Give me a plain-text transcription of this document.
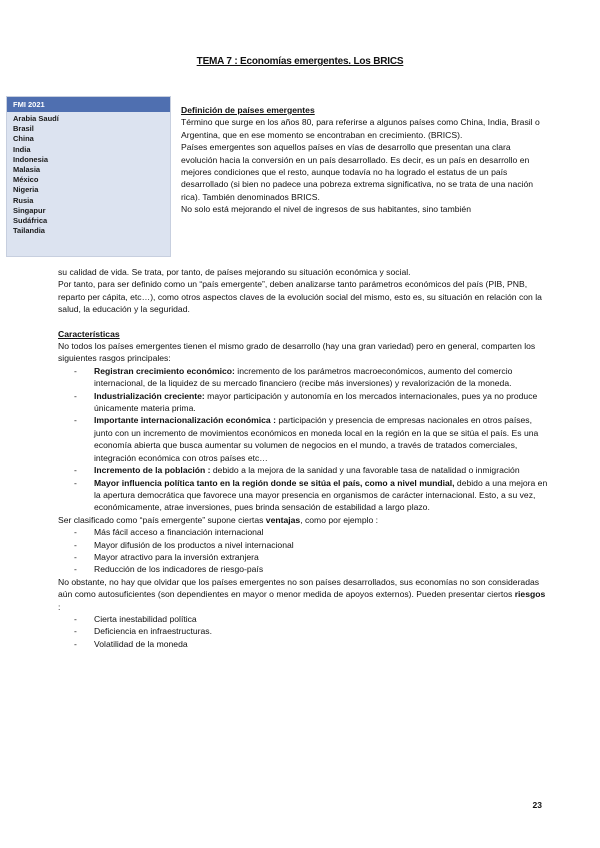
TEMA 7 : Economías emergentes. Los BRICS
FMI 2021
Arabia Saudí
Brasil
China
India
Indonesia
Malasia
México
Nigeria
Rusia
Singapur
Sudáfrica
Tailandia

Definición de países emergentes

Término que surge en los años 80, para referirse a algunos países como China, India, Brasil o Argentina, que en ese momento se encontraban en crecimiento. (BRICS).

Países emergentes son aquellos países en vías de desarrollo que presentan una clara evolución hacia la conversión en un país desarrollado. Es decir, es un país en desarrollo en mejores condiciones que el resto, aunque todavía no ha logrado el estatus de un país desarrollado (si bien no padece una pobreza extrema significativa, no se trata de una nación rica). También denominados BRICS.

No solo está mejorando el nivel de ingresos de sus habitantes, sino también

su calidad de vida. Se trata, por tanto, de países mejorando su situación económica y social.

Por tanto, para ser definido como un “país emergente”, deben analizarse tanto parámetros económicos del país (PIB, PNB, reparto per cápita, etc…), como otros aspectos claves de la evolución social del mismo, esto es, su situación en relación con la salud, la educación y la seguridad.

Características

No todos los países emergentes tienen el mismo grado de desarrollo (hay una gran variedad) pero en general, comparten los siguientes rasgos principales:

- Registran crecimiento económico: incremento de los parámetros macroeconómicos, aumento del comercio internacional, de la liquidez de su mercado financiero (recibe más inversiones) y revalorización de la moneda.
- Industrialización creciente: mayor participación y autonomía en los mercados internacionales, pues ya no produce únicamente materia prima.
- Importante internacionalización económica : participación y presencia de empresas nacionales en otros países, junto con un incremento de movimientos económicos en moneda local en la región en la que se sitúa el país. Es una economía abierta que busca aumentar su volumen de negocios en el mundo, a través de tratados comerciales, integración económica con otros países etc…
- Incremento de la población : debido a la mejora de la sanidad y una favorable tasa de natalidad o inmigración
- Mayor influencia política tanto en la región donde se sitúa el país, como a nivel mundial, debido a una mejora en la apertura democrática que favorece una mayor presencia en organismos de carácter internacional. Esto, a su vez, económicamente, atrae inversiones, pues brinda sensación de estabilidad a largo plazo.

Ser clasificado como “país emergente” supone ciertas ventajas, como por ejemplo :

- Más fácil acceso a financiación internacional
- Mayor difusión de los productos a nivel internacional
- Mayor atractivo para la inversión extranjera
- Reducción de los indicadores de riesgo-país

No obstante, no hay que olvidar que los países emergentes no son países desarrollados, sus economías no son consideradas aún como autosuficientes (son dependientes en mayor o menor medida de apoyos externos). Pueden presentar ciertos riesgos :

- Cierta inestabilidad política
- Deficiencia en infraestructuras.
- Volatilidad de la moneda
23
